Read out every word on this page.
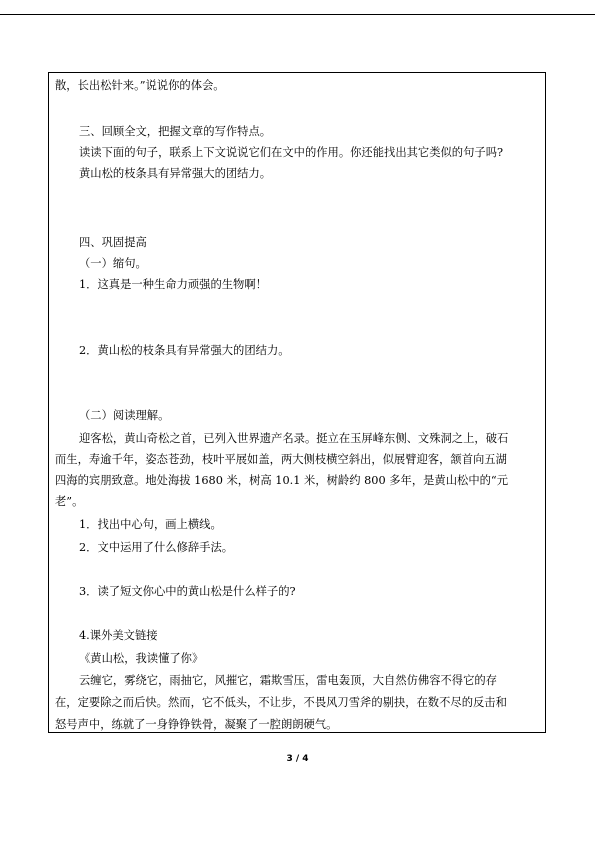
散，长出松针来。”说说你的体会。
三、回顾全文，把握文章的写作特点。
读读下面的句子，联系上下文说说它们在文中的作用。你还能找出其它类似的句子吗?
黄山松的枝条具有异常强大的团结力。
四、巩固提高
（一）缩句。
1．这真是一种生命力顽强的生物啊！
2．黄山松的枝条具有异常强大的团结力。
（二）阅读理解。
迎客松，黄山奇松之首，已列入世界遗产名录。挺立在玉屏峰东侧、文殊洞之上，破石
而生，寿逾千年，姿态苍劲，枝叶平展如盖，两大侧枝横空斜出，似展臂迎客，颔首向五湖
四海的宾朋致意。地处海拔 1680 米，树高 10.1 米，树龄约 800 多年，是黄山松中的“元
老”。
1．找出中心句，画上横线。
2．文中运用了什么修辞手法。
3．读了短文你心中的黄山松是什么样子的?
4.课外美文链接
《黄山松，我读懂了你》
云缠它，雾绕它，雨抽它，风摧它，霜欺雪压，雷电轰顶，大自然仿佛容不得它的存
在，定要除之而后快。然而，它不低头，不让步，不畏风刀雪斧的剔抉，在数不尽的反击和
怒号声中，练就了一身铮铮铁骨，凝聚了一腔朗朗硬气。
3 / 4
